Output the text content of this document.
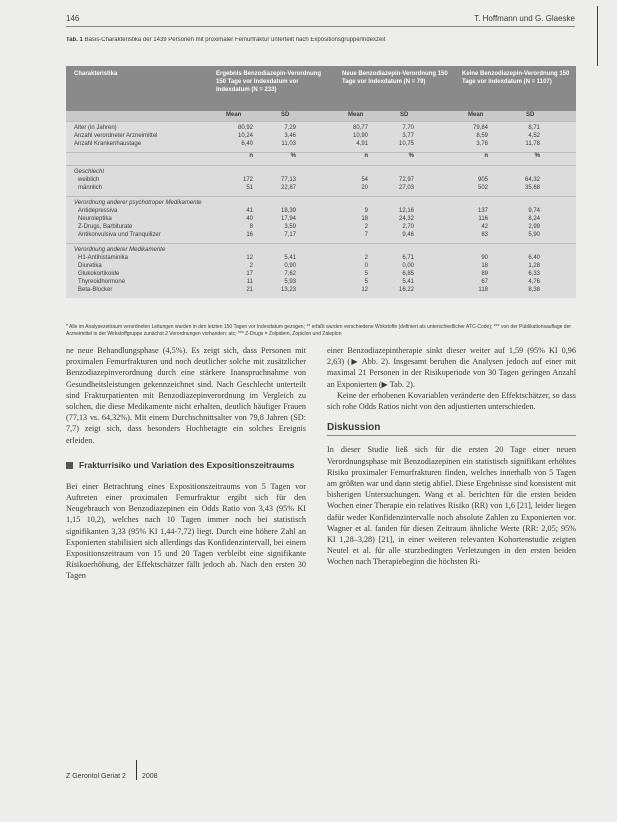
146	T. Hoffmann und G. Glaeske
Tab. 1 Basis-Charakteristika der 1439 Personen mit proximaler Femurfraktur unterteilt nach Expositionsgruppe/Indexzeit
Charakteristika	Ergebnis Benzodiazepin-Verordnung 150 Tage vor Indexdatum vor Indexdatum (N = 233)
Neue Benzodiazepin-Verordnung 150 Tage vor Indexdatum (N = 79)
Keine Benzodiazepin-Verordnung 150 Tage vor Indexdatum (N = 1107)
Mean	SD	Mean	SD	Mean	SD
Alter (in Jahren)	80,92	7,29	80,77	7,70	79,84	8,71
Anzahl verordneter Arzneimittel	10,24	3,46	10,90	3,77	8,59	4,52
Anzahl Krankenhaustage	6,40	11,03	4,91	10,75	3,76	11,78
n	%	n	%	n	%
Geschlecht
weiblich	172	77,13	54	72,97	905	64,32
männlich	51	22,87	20	27,03	502	35,68
Verordnung anderer psychotroper Medikamente
Antidepressiva	41	18,39	9	12,16	137	9,74
Neuroleptika	40	17,94	18	24,32	116	8,24
Z-Drugs, Barbiturate	8	3,59	2	2,70	42	2,99
Antikonvulsiva und Tranquilizer	16	7,17	7	9,46	83	5,90
Verordnung anderer Medikamente
H1-Antihistaminika	12	5,41	2	6,71	90	6,40
Diuretika	2	0,90	0	0,00	18	1,28
Glukokortikoide	17	7,62	5	6,85	89	6,33
Thyreoidhormone	11	5,93	5	5,41	67	4,76
Beta-Blocker	21	13,23	12	16,22	118	8,38
* Alle im Analysezeitraum verordneten Leitungen wurden in den letzten 150 Tagen vor Indexdatum gezogen; ** erfaßt wurden verschiedene Wirkstoffe (definiert als unterschiedlicher ATC-Code); *** von der Publikationsauflage der Arzneimittel in der Wirkstoffgruppe zunächst 2 Verordnungen vorhanden: atc; *** Z-Drugs = Zolpidem, Zopiclon und Zaleplon

ne neue Behandlungsphase (4,5%). Es zeigt sich, dass Personen mit proximalen Femurfrakturen und noch deutlicher solche mit zusätzlicher Benzodiazepinverordnung durch eine stärkere Inanspruchnahme von Gesundheitsleistungen gekennzeichnet sind. Nach Geschlecht unterteilt sind Frakturpatienten mit Benzodiazepinverordnung im Vergleich zu solchen, die diese Medikamente nicht erhalten, deutlich häufiger Frauen (77,13 vs. 64,32%). Mit einem Durchschnittsalter von 79,8 Jahren (SD: 7,7) zeigt sich, dass besonders Hochbetagte ein solches Ereignis erleiden.

Frakturrisiko und Variation des Expositionszeitraums

Bei einer Betrachtung eines Expositionszeitraums von 5 Tagen vor Auftreten einer proximalen Femurfraktur ergibt sich für den Neugebrauch von Benzodiazepinen ein Odds Ratio von 3,43 (95% KI 1,15 10,2), welches nach 10 Tagen immer noch bei statistisch signifikanten 3,33 (95% KI 1,44-7,72) liegt. Durch eine höhere Zahl an Exponierten stabilisiert sich allerdings das Konfidenzintervall, bei einem Expositionszeitraum von 15 und 20 Tagen verbleibt eine signifikante Risikoerhöhung, der Effektschätzer fällt jedoch ab. Nach den ersten 30 Tagen

einer Benzodiazepintherapie sinkt dieser weiter auf 1,59 (95% KI 0,96 2,63) (▶ Abb. 2). Insgesamt beruhen die Analysen jedoch auf einer mit maximal 21 Personen in der Risikoperiode von 30 Tagen geringen Anzahl an Exponierten (▶ Tab. 2).

Keine der erhobenen Kovariablen veränderte den Effektschätzer, so dass sich rohe Odds Ratios nicht von den adjustierten unterschieden.

Diskussion

In dieser Studie ließ sich für die ersten 20 Tage einer neuen Verordnungsphase mit Benzodiazepinen ein statistisch signifikant erhöhtes Risiko proximaler Femurfrakturen finden, welches innerhalb von 5 Tagen am größten war und dann stetig abfiel. Diese Ergebnisse sind konsistent mit bisherigen Untersuchungen. Wang et al. berichten für die ersten beiden Wochen einer Therapie ein relatives Risiko (RR) von 1,6 [21], leider liegen dafür weder Konfidenzintervalle noch absolute Zahlen zu Exponierten vor. Wagner et al. fanden für diesen Zeitraum ähnliche Werte (RR: 2,05; 95% KI 1,28–3,28) [21], in einer weiteren relevanten Kohortenstudie zeigten Neutel et al. für alle sturzbedingten Verletzungen in den ersten beiden Wochen nach Therapiebeginn die höchsten Ri-

Z Gerontol Geriat 2 2008
